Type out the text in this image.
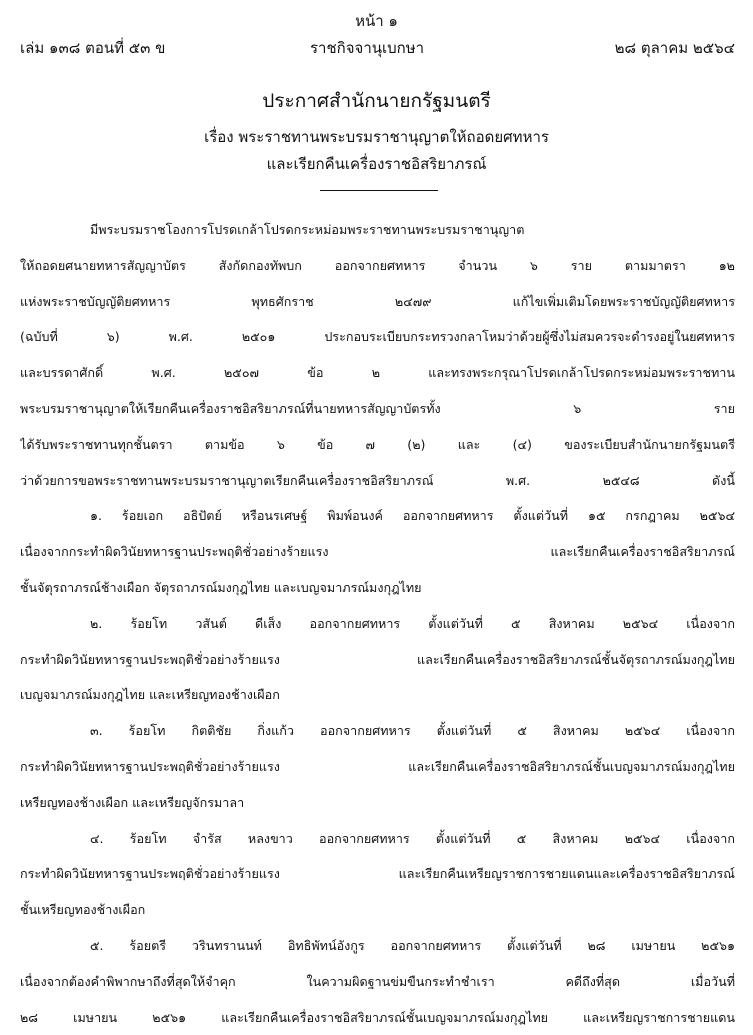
หน้า ๑
เล่ม ๑๓๘ ตอนที่ ๕๓ ข	ราชกิจจานุเบกษา	๒๘ ตุลาคม ๒๕๖๔
ประกาศสำนักนายกรัฐมนตรี
เรื่อง พระราชทานพระบรมราชานุญาตให้ถอดยศทหาร
และเรียกคืนเครื่องราชอิสริยาภรณ์
มีพระบรมราชโองการโปรดเกล้าโปรดกระหม่อมพระราชทานพระบรมราชานุญาต
ให้ถอดยศนายทหารสัญญาบัตร สังกัดกองทัพบก ออกจากยศทหาร จำนวน ๖ ราย ตามมาตรา ๑๒
แห่งพระราชบัญญัติยศทหาร พุทธศักราช ๒๔๗๙ แก้ไขเพิ่มเติมโดยพระราชบัญญัติยศทหาร
(ฉบับที่ ๖) พ.ศ. ๒๕๐๑ ประกอบระเบียบกระทรวงกลาโหมว่าด้วยผู้ซึ่งไม่สมควรจะดำรงอยู่ในยศทหาร
และบรรดาศักดิ์ พ.ศ. ๒๕๐๗ ข้อ ๒ และทรงพระกรุณาโปรดเกล้าโปรดกระหม่อมพระราชทาน
พระบรมราชานุญาตให้เรียกคืนเครื่องราชอิสริยาภรณ์ที่นายทหารสัญญาบัตรทั้ง ๖ ราย
ได้รับพระราชทานทุกชั้นตรา ตามข้อ ๖ ข้อ ๗ (๒) และ (๔) ของระเบียบสำนักนายกรัฐมนตรี
ว่าด้วยการขอพระราชทานพระบรมราชานุญาตเรียกคืนเครื่องราชอิสริยาภรณ์ พ.ศ. ๒๕๔๘ ดังนี้
๑. ร้อยเอก อธิปัตย์ หรือนรเศษฐ์ พิมพ์อนงค์ ออกจากยศทหาร ตั้งแต่วันที่ ๑๕ กรกฎาคม ๒๕๖๔
เนื่องจากกระทำผิดวินัยทหารฐานประพฤติชั่วอย่างร้ายแรง และเรียกคืนเครื่องราชอิสริยาภรณ์
ชั้นจัตุรถาภรณ์ช้างเผือก จัตุรถาภรณ์มงกุฎไทย และเบญจมาภรณ์มงกุฎไทย
๒. ร้อยโท วสันต์ ดีเส็ง ออกจากยศทหาร ตั้งแต่วันที่ ๕ สิงหาคม ๒๕๖๔ เนื่องจาก
กระทำผิดวินัยทหารฐานประพฤติชั่วอย่างร้ายแรง และเรียกคืนเครื่องราชอิสริยาภรณ์ชั้นจัตุรถาภรณ์มงกุฎไทย
เบญจมาภรณ์มงกุฎไทย และเหรียญทองช้างเผือก
๓. ร้อยโท กิตติชัย กิ่งแก้ว ออกจากยศทหาร ตั้งแต่วันที่ ๕ สิงหาคม ๒๕๖๔ เนื่องจาก
กระทำผิดวินัยทหารฐานประพฤติชั่วอย่างร้ายแรง และเรียกคืนเครื่องราชอิสริยาภรณ์ชั้นเบญจมาภรณ์มงกุฎไทย
เหรียญทองช้างเผือก และเหรียญจักรมาลา
๔. ร้อยโท จำรัส หลงขาว ออกจากยศทหาร ตั้งแต่วันที่ ๕ สิงหาคม ๒๕๖๔ เนื่องจาก
กระทำผิดวินัยทหารฐานประพฤติชั่วอย่างร้ายแรง และเรียกคืนเหรียญราชการชายแดนและเครื่องราชอิสริยาภรณ์
ชั้นเหรียญทองช้างเผือก
๕. ร้อยตรี วรินทรานนท์ อิทธิพัทน์อังกูร ออกจากยศทหาร ตั้งแต่วันที่ ๒๘ เมษายน ๒๕๖๑
เนื่องจากต้องคำพิพากษาถึงที่สุดให้จำคุก ในความผิดฐานข่มขืนกระทำชำเรา คดีถึงที่สุด เมื่อวันที่
๒๘ เมษายน ๒๕๖๑ และเรียกคืนเครื่องราชอิสริยาภรณ์ชั้นเบญจมาภรณ์มงกุฎไทย และเหรียญราชการชายแดน
